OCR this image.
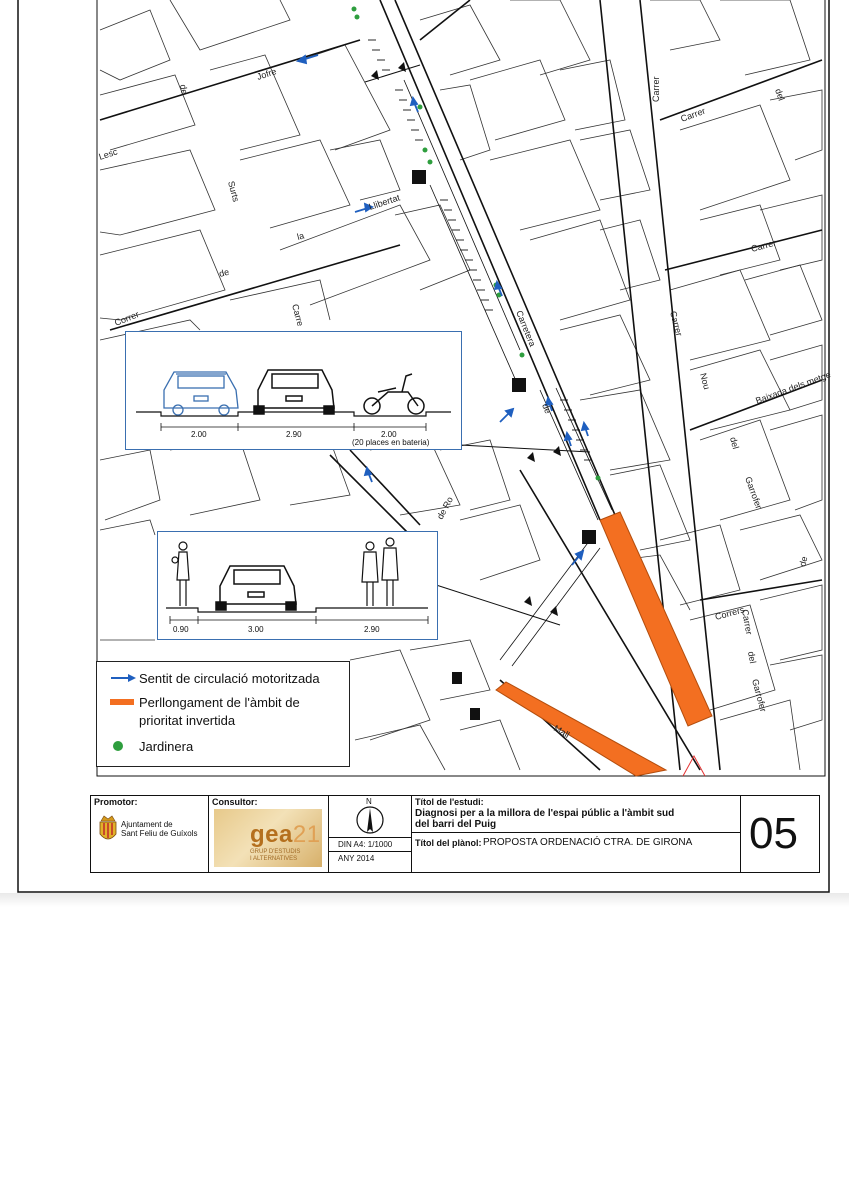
Jofre
de
Lesc
Surts
la
de
Correr	Carre
Llibertat
Carretera
de
de Ro
Carrer
Carrer
del
Carrer
Carrer
Nou	Baixada dels metge
del
Garrofer
de
Corrers
Carrer
del
Garrofer
Mall
2.00	2.90	2.00
(20 places en bateria)
0.90	3.00	2.90
Sentit de circulació motoritzada
Perllongament de l'àmbit de prioritat invertida
Jardinera
Promotor:
Ajuntament de
Sant Feliu de Guíxols
Consultor:
gea21
GRUP D'ESTUDIS
I ALTERNATIVES
N
DIN A4: 1/1000
ANY 2014
Títol de l'estudi:
Diagnosi per a la millora de l'espai públic a l'àmbit sud
del barri del Puig
Títol del plànol: PROPOSTA ORDENACIÓ CTRA. DE GIRONA 05
